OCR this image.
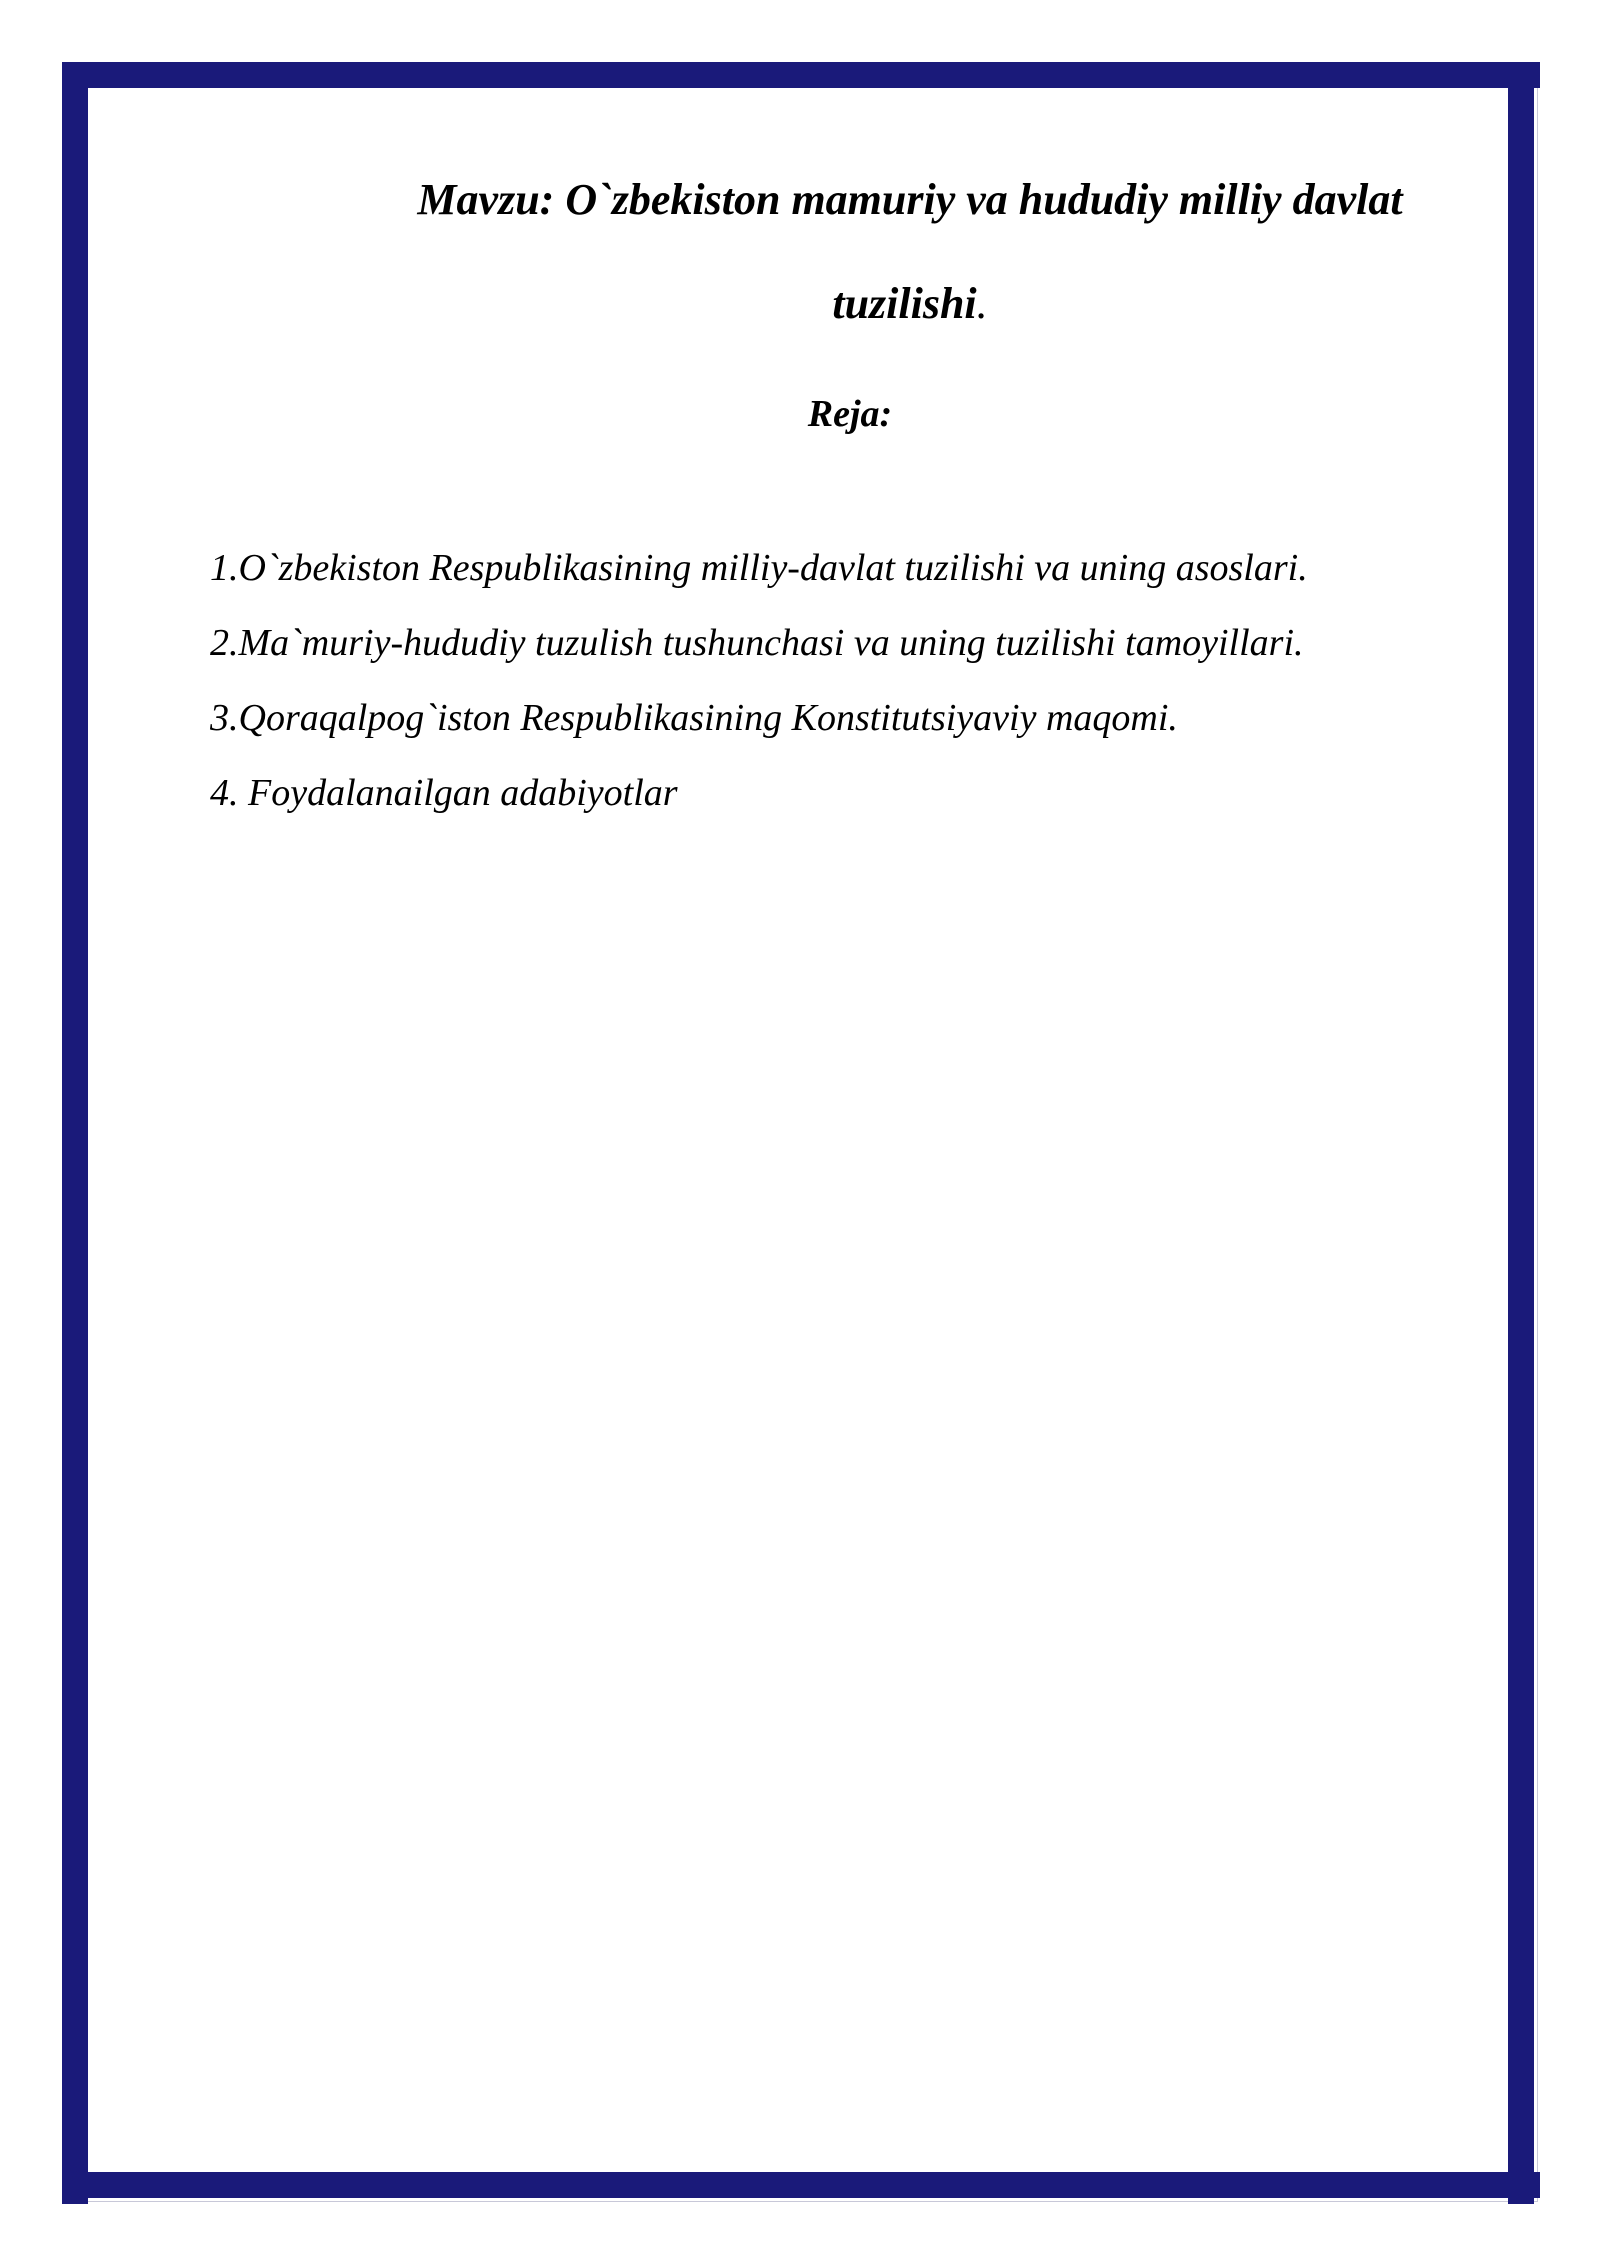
Mavzu: O`zbekiston mamuriy va hududiy milliy davlat
tuzilishi.
Reja:
1.O`zbekiston Respublikasining milliy-davlat tuzilishi va uning asoslari.
2.Ma`muriy-hududiy tuzulish tushunchasi va uning tuzilishi tamoyillari.
3.Qoraqalpog`iston Respublikasining Konstitutsiyaviy maqomi.
4. Foydalanailgan adabiyotlar
